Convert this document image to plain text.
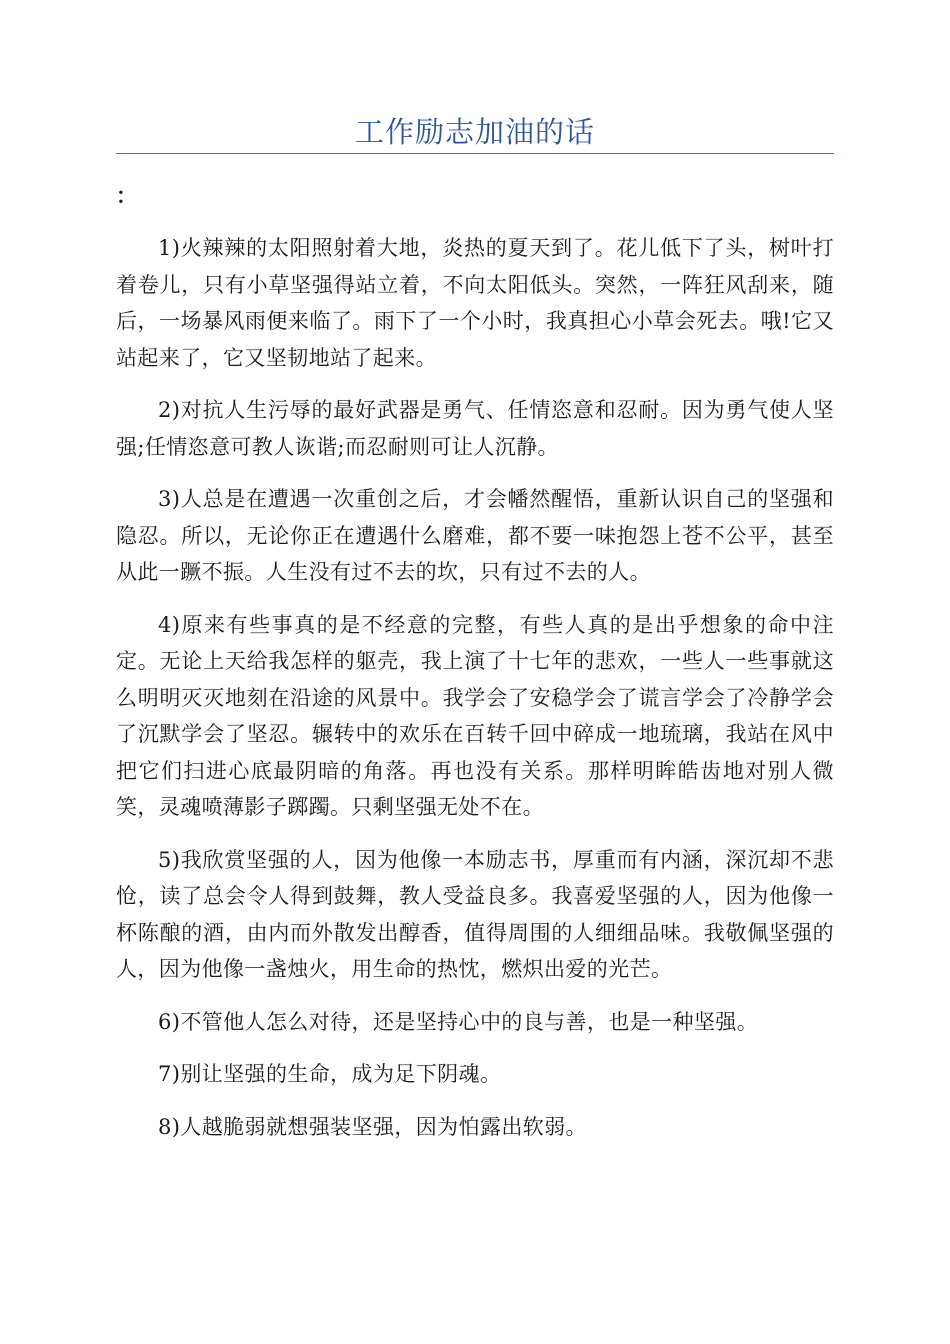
工作励志加油的话
：

1)火辣辣的太阳照射着大地，炎热的夏天到了。花儿低下了头，树叶打着卷儿，只有小草坚强得站立着，不向太阳低头。突然，一阵狂风刮来，随后，一场暴风雨便来临了。雨下了一个小时，我真担心小草会死去。哦!它又站起来了，它又坚韧地站了起来。

2)对抗人生污辱的最好武器是勇气、任情恣意和忍耐。因为勇气使人坚强;任情恣意可教人诙谐;而忍耐则可让人沉静。

3)人总是在遭遇一次重创之后，才会幡然醒悟，重新认识自己的坚强和隐忍。所以，无论你正在遭遇什么磨难，都不要一味抱怨上苍不公平，甚至从此一蹶不振。人生没有过不去的坎，只有过不去的人。

4)原来有些事真的是不经意的完整，有些人真的是出乎想象的命中注定。无论上天给我怎样的躯壳，我上演了十七年的悲欢，一些人一些事就这么明明灭灭地刻在沿途的风景中。我学会了安稳学会了谎言学会了冷静学会了沉默学会了坚忍。辗转中的欢乐在百转千回中碎成一地琉璃，我站在风中把它们扫进心底最阴暗的角落。再也没有关系。那样明眸皓齿地对别人微笑，灵魂喷薄影子踯躅。只剩坚强无处不在。

5)我欣赏坚强的人，因为他像一本励志书，厚重而有内涵，深沉却不悲怆，读了总会令人得到鼓舞，教人受益良多。我喜爱坚强的人，因为他像一杯陈酿的酒，由内而外散发出醇香，值得周围的人细细品味。我敬佩坚强的人，因为他像一盏烛火，用生命的热忱，燃炽出爱的光芒。

6)不管他人怎么对待，还是坚持心中的良与善，也是一种坚强。

7)别让坚强的生命，成为足下阴魂。

8)人越脆弱就想强装坚强，因为怕露出软弱。
